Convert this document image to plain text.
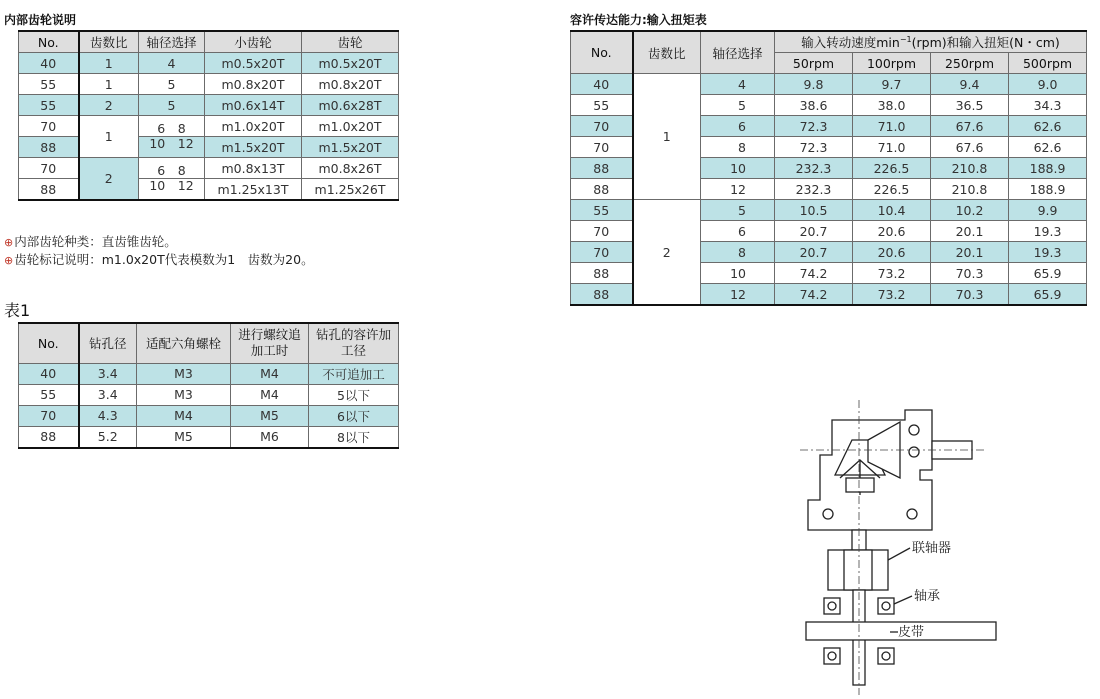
内部齿轮说明
No.	齿数比	轴径选择	小齿轮	齿轮
40	1	4	m0.5x20T	m0.5x20T
55	1	5	m0.8x20T	m0.8x20T
55	2	5	m0.6x14T	m0.6x28T
70	1	6　8	m1.0x20T	m1.0x20T
88		10　12	m1.5x20T	m1.5x20T
70	2	6　8	m0.8x13T	m0.8x26T
88		10　12	m1.25x13T	m1.25x26T
⊕内部齿轮种类：直齿锥齿轮。
⊕齿轮标记说明：m1.0x20T代表模数为1　齿数为20。
表1
No.	钻孔径	适配六角螺栓	进行螺纹追加工时	钻孔的容许加工径
40	3.4	M3	M4	不可追加工
55	3.4	M3	M4	5以下
70	4.3	M4	M5	6以下
88	5.2	M5	M6	8以下
容许传达能力:输入扭矩表
No.	齿数比	轴径选择	输入转动速度$\min^{-1}(rpm)$和输入扭矩(N・cm)			
			50rpm	100rpm	250rpm	500rpm
40	1	4	9.8	9.7	9.4	9.0
55		5	38.6	38.0	36.5	34.3
70		6	72.3	71.0	67.6	62.6
70		8	72.3	71.0	67.6	62.6
88		10	232.3	226.5	210.8	188.9
88		12	232.3	226.5	210.8	188.9
55	2	5	10.5	10.4	10.2	9.9
70		6	20.7	20.6	20.1	19.3
70		8	20.7	20.6	20.1	19.3
88		10	74.2	73.2	70.3	65.9
88		12	74.2	73.2	70.3	65.9
联轴器
轴承
皮带
